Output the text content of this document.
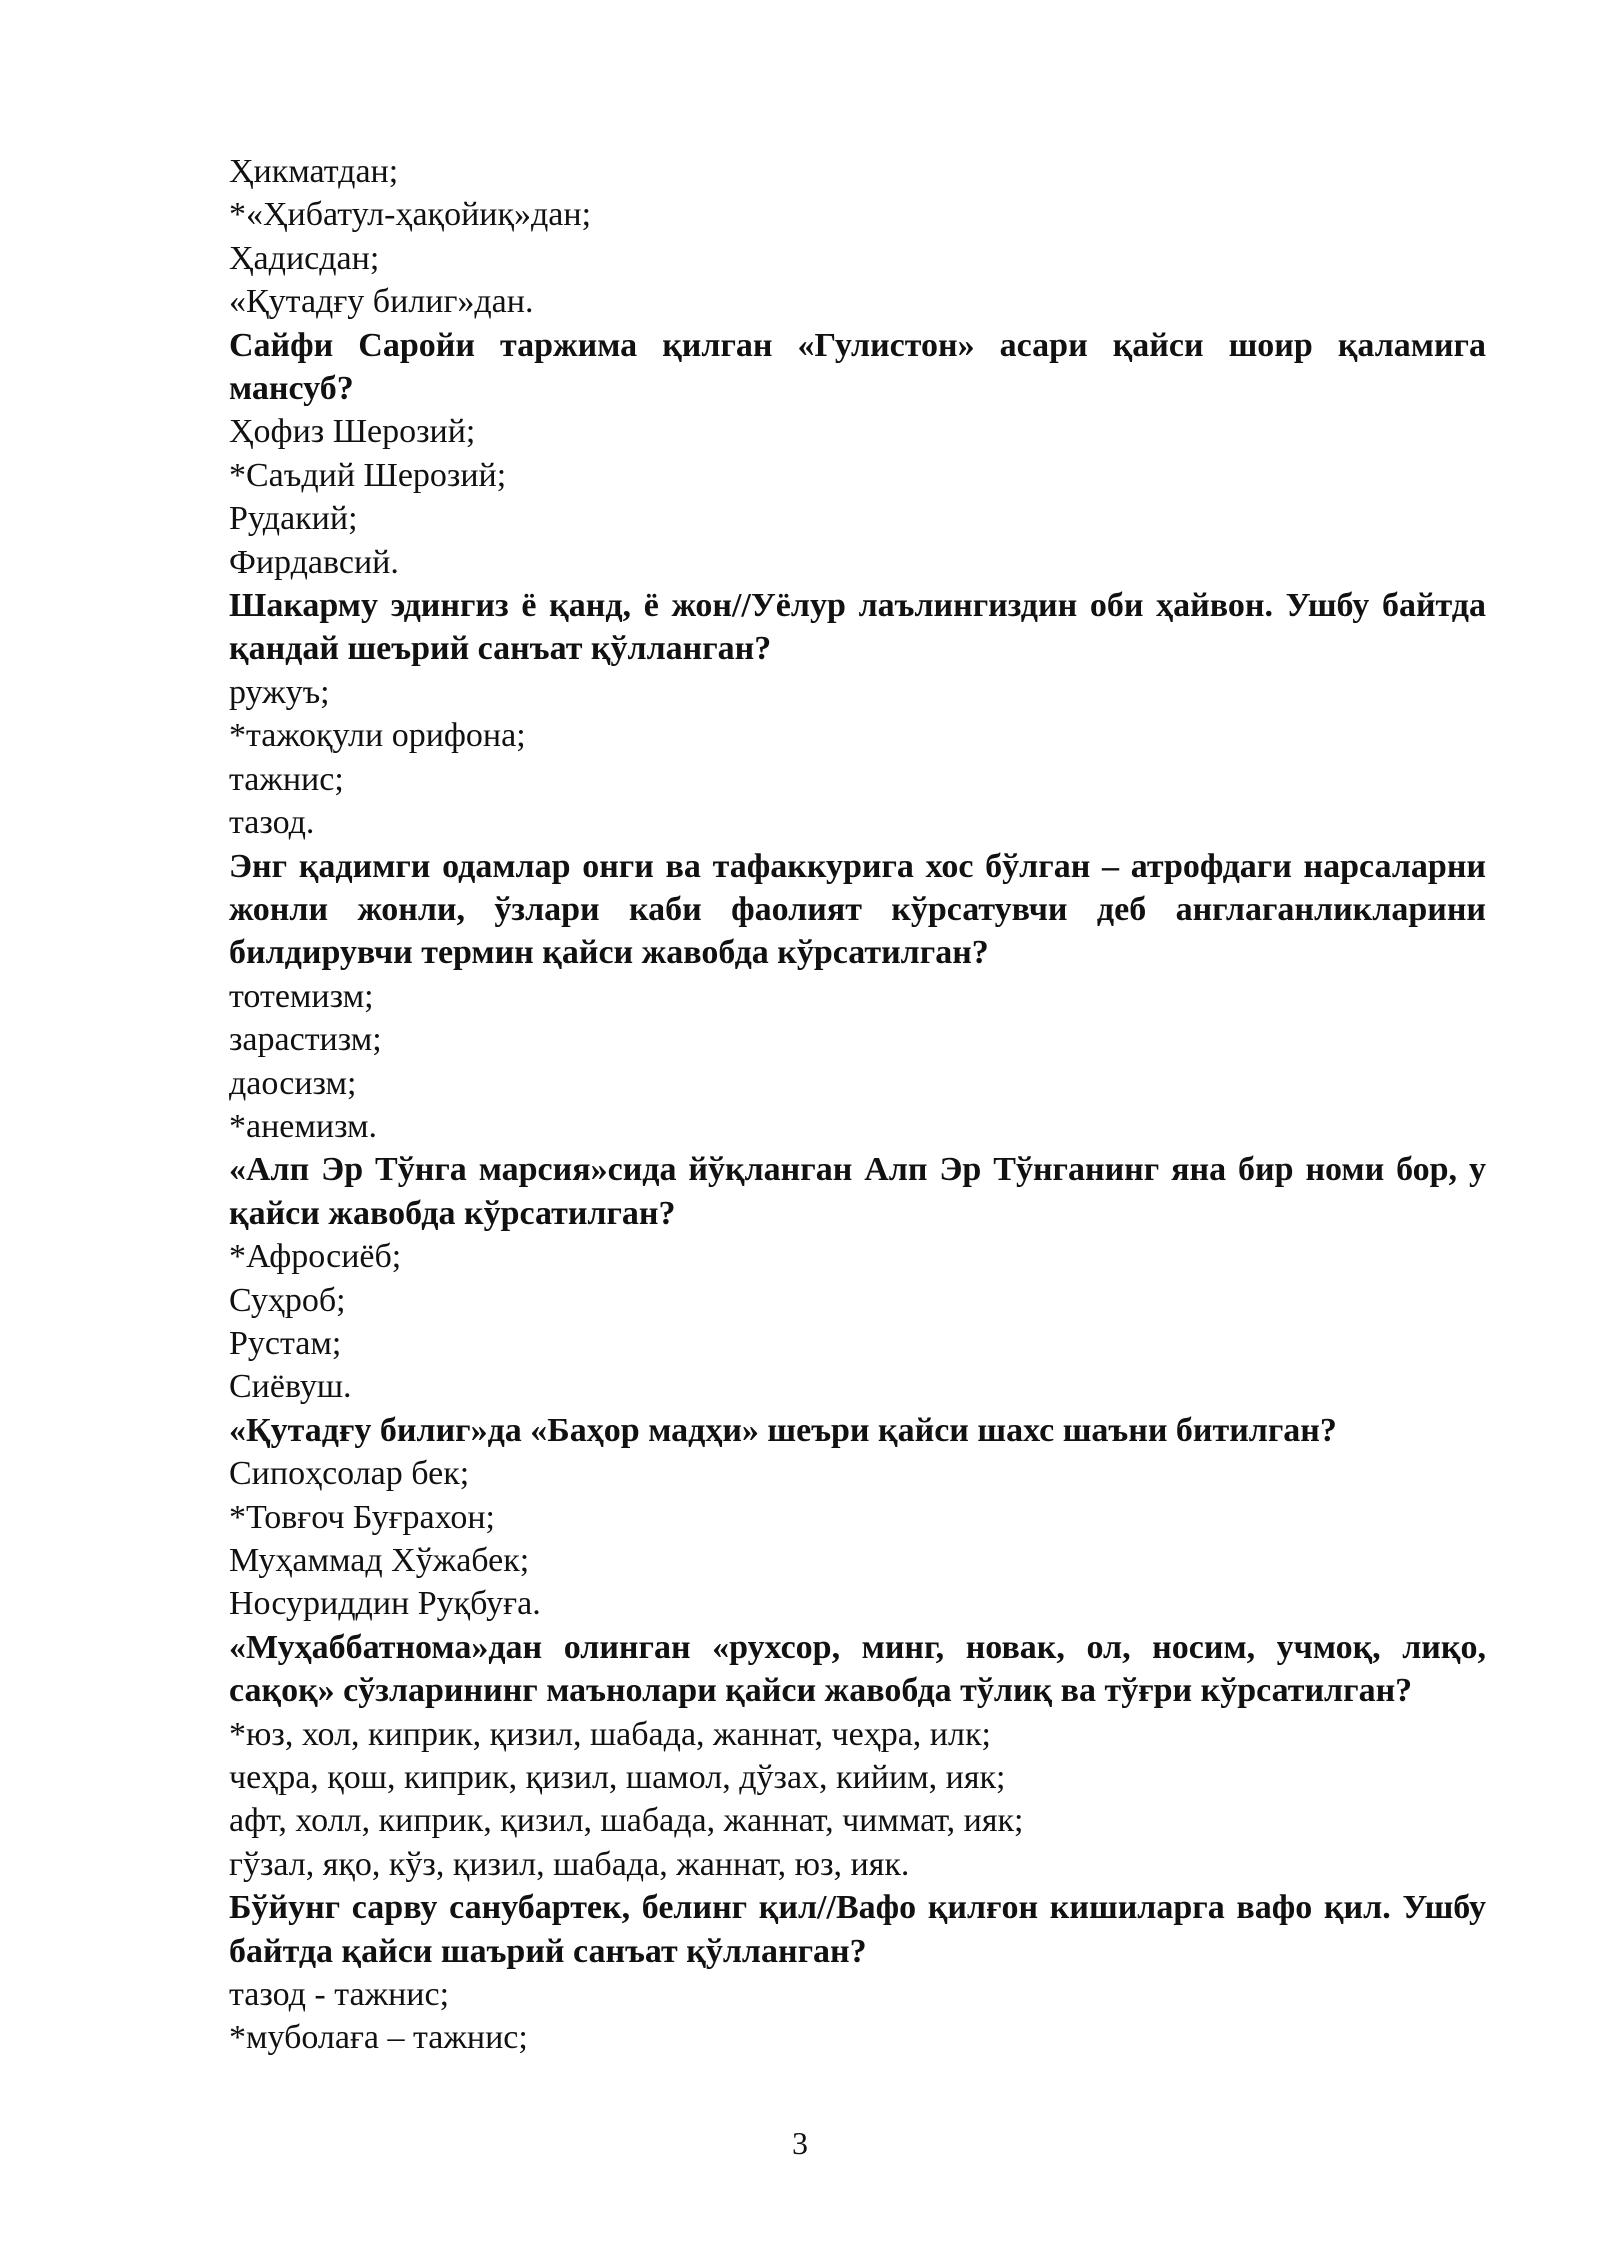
Ҳикматдан;
*«Ҳибатул-ҳақойиқ»дан;
Ҳадисдан;
«Қутадғу билиг»дан.
Сайфи Саройи таржима қилган «Гулистон» асари қайси шоир қаламига мансуб?
Ҳофиз Шерозий;
*Саъдий Шерозий;
Рудакий;
Фирдавсий.
Шакарму эдингиз ё қанд, ё жон//Уёлур лаълингиздин оби ҳайвон. Ушбу байтда қандай шеърий санъат қўлланган?
ружуъ;
*тажоқули орифона;
тажнис;
тазод.
Энг қадимги одамлар онги ва тафаккурига хос бўлган – атрофдаги нарсаларни жонли жонли, ўзлари каби фаолият кўрсатувчи деб англаганликларини билдирувчи термин қайси жавобда кўрсатилган?
тотемизм;
зарастизм;
даосизм;
*анемизм.
«Алп Эр Тўнга марсия»сида йўқланган Алп Эр Тўнганинг яна бир номи бор, у қайси жавобда кўрсатилган?
*Афросиёб;
Суҳроб;
Рустам;
Сиёвуш.
«Қутадғу билиг»да «Баҳор мадҳи» шеъри қайси шахс шаъни битилган?
Сипоҳсолар бек;
*Товғоч Буғрахон;
Муҳаммад Хўжабек;
Носуриддин Руқбуға.
«Муҳаббатнома»дан олинган «рухсор, минг, новак, ол, носим, учмоқ, лиқо, сақоқ» сўзларининг маънолари қайси жавобда тўлиқ ва тўғри кўрсатилган?
*юз, хол, киприк, қизил, шабада, жаннат, чеҳра, илк;
чеҳра, қош, киприк, қизил, шамол, дўзах, кийим, ияк;
афт, холл, киприк, қизил, шабада, жаннат, чиммат, ияк;
гўзал, яқо, кўз, қизил, шабада, жаннат, юз, ияк.
Бўйунг сарву санубартек, белинг қил//Вафо қилғон кишиларга вафо қил. Ушбу байтда қайси шаърий санъат қўлланган?
тазод - тажнис;
*муболаға – тажнис;
3
